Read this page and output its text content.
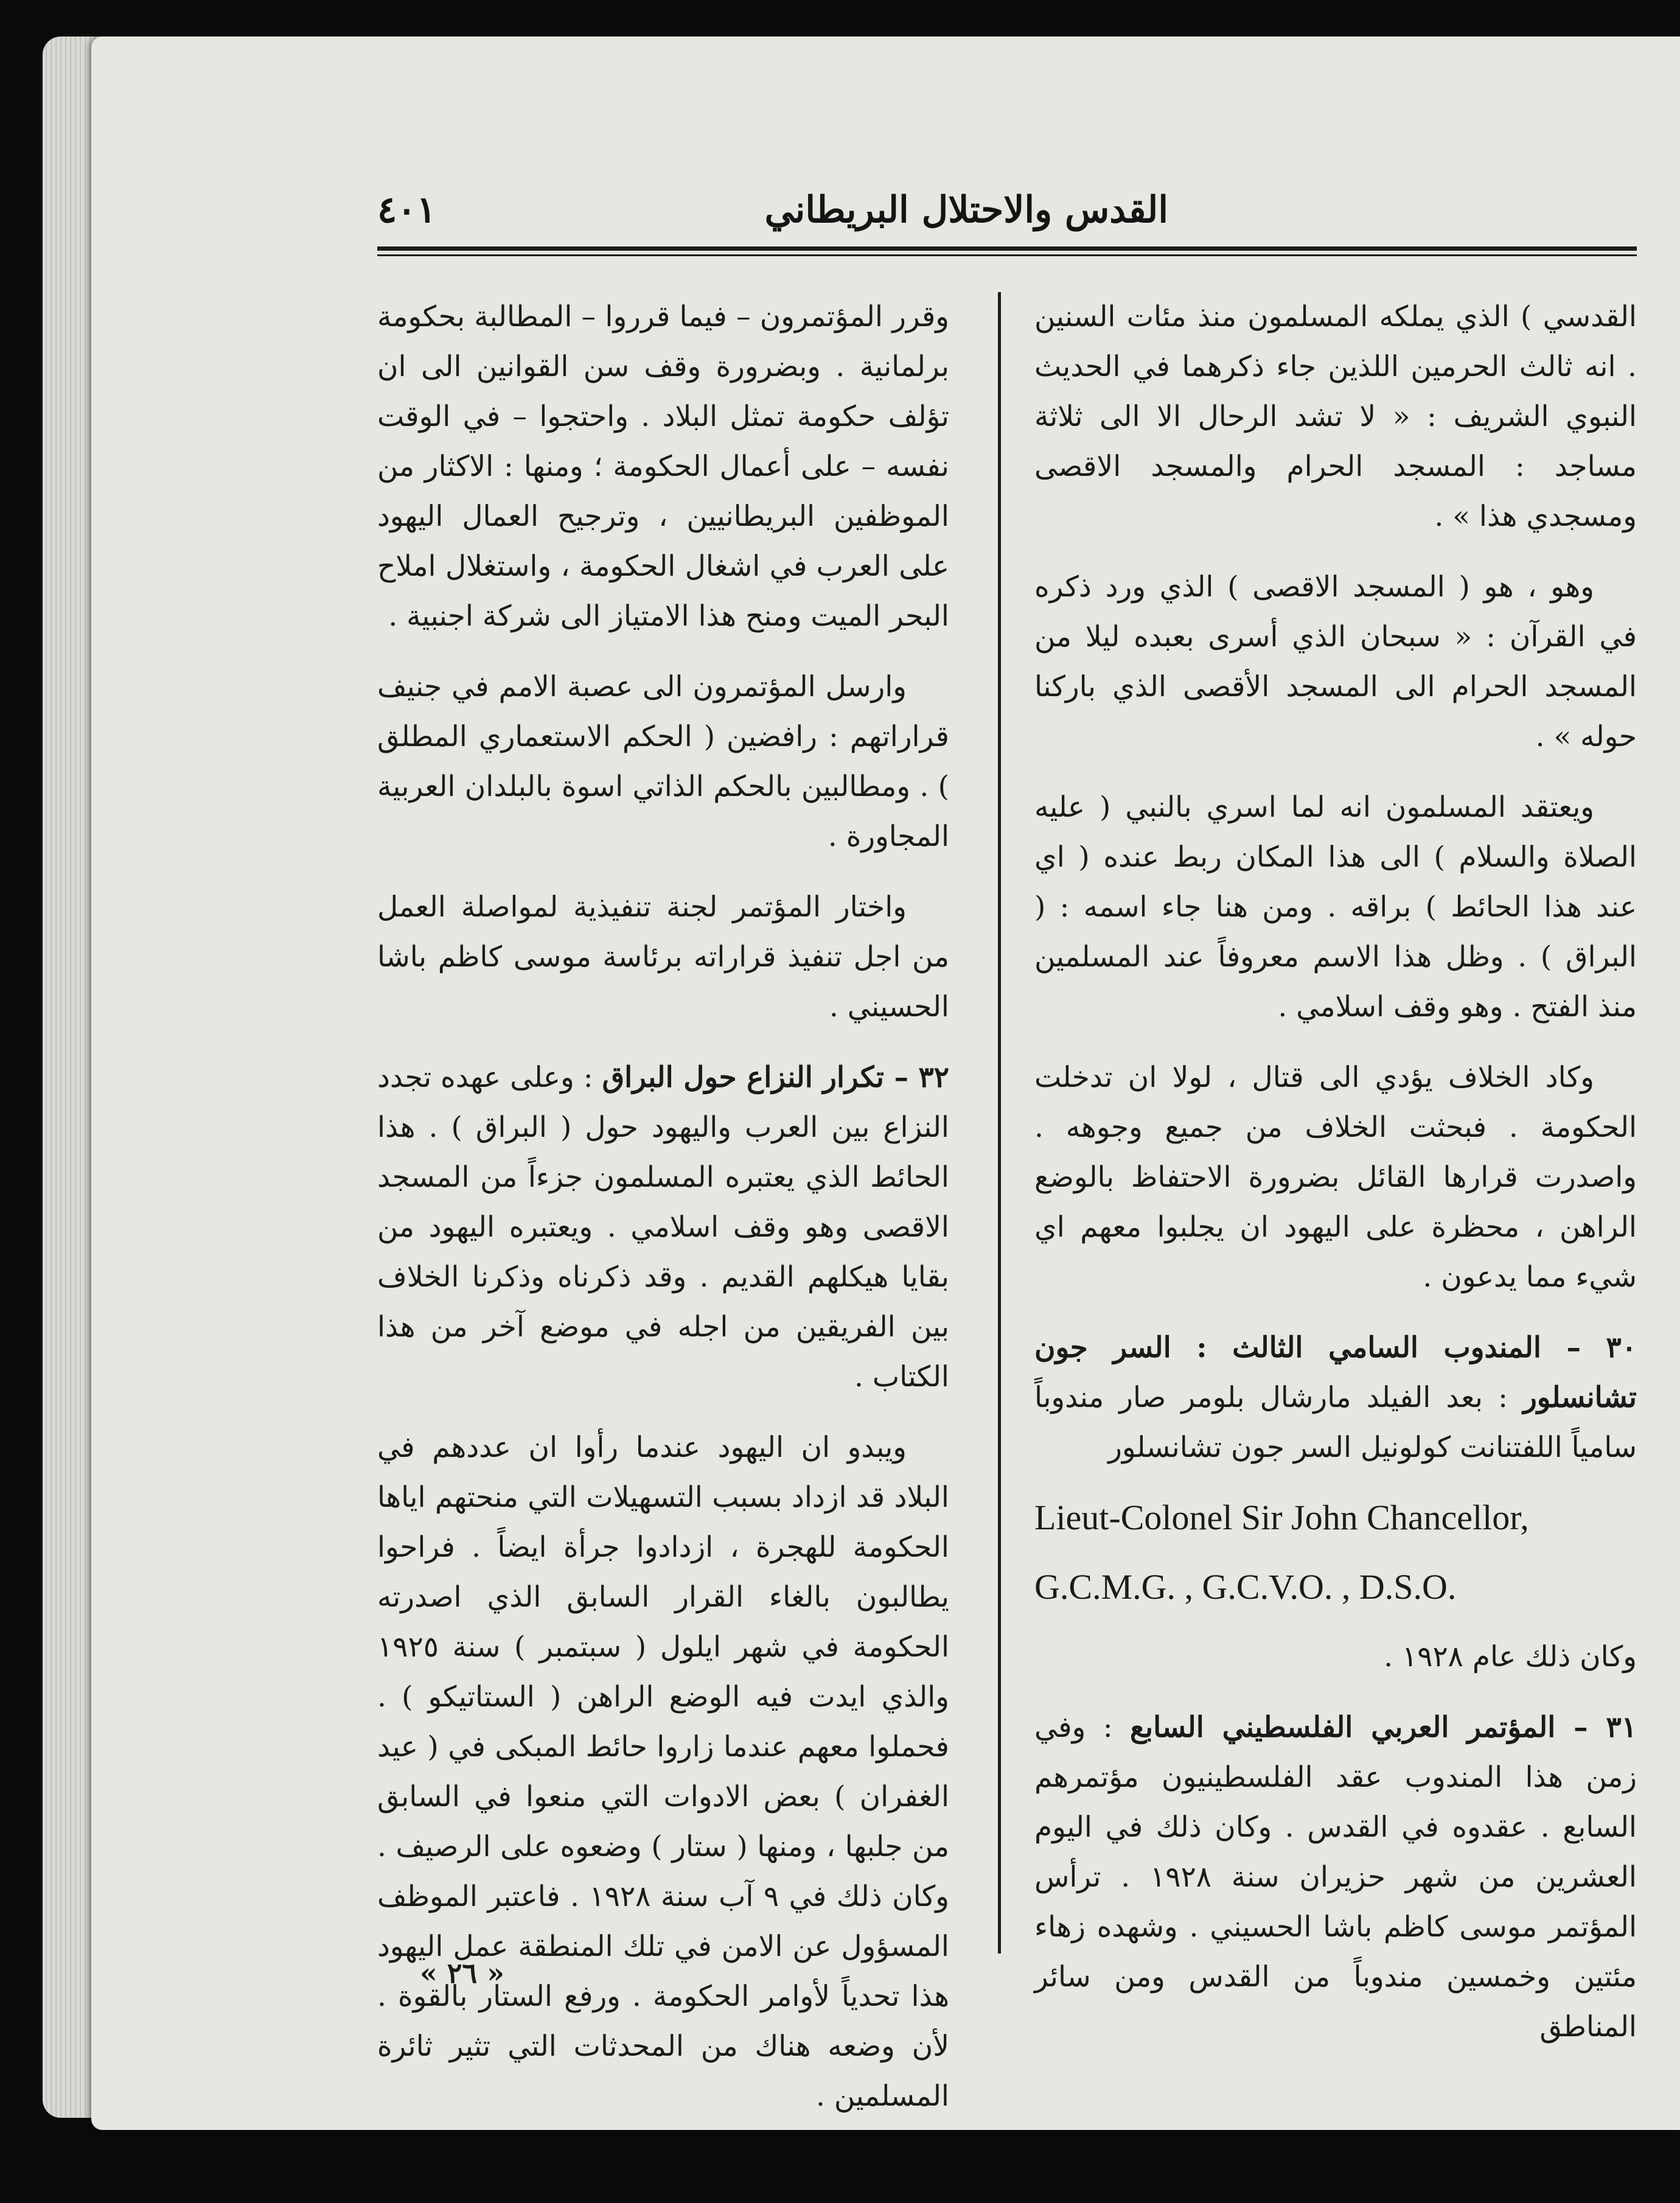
القدس والاحتلال البريطاني
٤٠١

القدسي ) الذي يملكه المسلمون منذ مئات السنين . انه ثالث الحرمين اللذين جاء ذكرهما في الحديث النبوي الشريف : « لا تشد الرحال الا الى ثلاثة مساجد : المسجد الحرام والمسجد الاقصى ومسجدي هذا » .

وهو ، هو ( المسجد الاقصى ) الذي ورد ذكره في القرآن : « سبحان الذي أسرى بعبده ليلا من المسجد الحرام الى المسجد الأقصى الذي باركنا حوله » .

ويعتقد المسلمون انه لما اسري بالنبي ( عليه الصلاة والسلام ) الى هذا المكان ربط عنده ( اي عند هذا الحائط ) براقه . ومن هنا جاء اسمه : ( البراق ) . وظل هذا الاسم معروفاً عند المسلمين منذ الفتح . وهو وقف اسلامي .

وكاد الخلاف يؤدي الى قتال ، لولا ان تدخلت الحكومة . فبحثت الخلاف من جميع وجوهه . واصدرت قرارها القائل بضرورة الاحتفاظ بالوضع الراهن ، محظرة على اليهود ان يجلبوا معهم اي شيء مما يدعون .

٣٠ – المندوب السامي الثالث : السر جون تشانسلور : بعد الفيلد مارشال بلومر صار مندوباً سامياً اللفتنانت كولونيل السر جون تشانسلور

Lieut-Colonel Sir John Chancellor,

G.C.M.G. , G.C.V.O. , D.S.O.

وكان ذلك عام ١٩٢٨ .

٣١ – المؤتمر العربي الفلسطيني السابع : وفي زمن هذا المندوب عقد الفلسطينيون مؤتمرهم السابع . عقدوه في القدس . وكان ذلك في اليوم العشرين من شهر حزيران سنة ١٩٢٨ . ترأس المؤتمر موسى كاظم باشا الحسيني . وشهده زهاء مئتين وخمسين مندوباً من القدس ومن سائر المناطق

وقرر المؤتمرون – فيما قرروا – المطالبة بحكومة برلمانية . وبضرورة وقف سن القوانين الى ان تؤلف حكومة تمثل البلاد . واحتجوا – في الوقت نفسه – على أعمال الحكومة ؛ ومنها : الاكثار من الموظفين البريطانيين ، وترجيح العمال اليهود على العرب في اشغال الحكومة ، واستغلال املاح البحر الميت ومنح هذا الامتياز الى شركة اجنبية .

وارسل المؤتمرون الى عصبة الامم في جنيف قراراتهم : رافضين ( الحكم الاستعماري المطلق ) . ومطالبين بالحكم الذاتي اسوة بالبلدان العربية المجاورة .

واختار المؤتمر لجنة تنفيذية لمواصلة العمل من اجل تنفيذ قراراته برئاسة موسى كاظم باشا الحسيني .

٣٢ – تكرار النزاع حول البراق : وعلى عهده تجدد النزاع بين العرب واليهود حول ( البراق ) . هذا الحائط الذي يعتبره المسلمون جزءاً من المسجد الاقصى وهو وقف اسلامي . ويعتبره اليهود من بقايا هيكلهم القديم . وقد ذكرناه وذكرنا الخلاف بين الفريقين من اجله في موضع آخر من هذا الكتاب .

ويبدو ان اليهود عندما رأوا ان عددهم في البلاد قد ازداد بسبب التسهيلات التي منحتهم اياها الحكومة للهجرة ، ازدادوا جرأة ايضاً . فراحوا يطالبون بالغاء القرار السابق الذي اصدرته الحكومة في شهر ايلول ( سبتمبر ) سنة ١٩٢٥ والذي ايدت فيه الوضع الراهن ( الستاتيكو ) . فحملوا معهم عندما زاروا حائط المبكى في ( عيد الغفران ) بعض الادوات التي منعوا في السابق من جلبها ، ومنها ( ستار ) وضعوه على الرصيف . وكان ذلك في ٩ آب سنة ١٩٢٨ . فاعتبر الموظف المسؤول عن الامن في تلك المنطقة عمل اليهود هذا تحدياً لأوامر الحكومة . ورفع الستار بالقوة . لأن وضعه هناك من المحدثات التي تثير ثائرة المسلمين .

« ٢٦ »
